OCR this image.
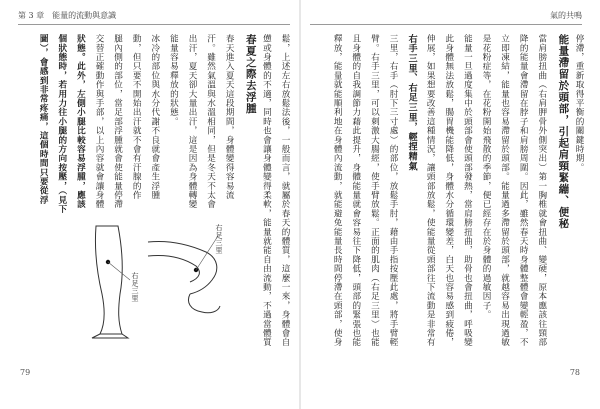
第 3 章　能量的流動與意識	氣的共鳴
79	78
停滯，重新取得平衡的關鍵時期。
能量滯留於頭部，引起肩頸緊繃、便秘
當肩膀扭曲（右肩胛骨外側突出）第一胸椎就會扭曲、變硬，原本應該往頸部
降的能量會滯留在脖子和肩膀周圍。因此，雖然春天時身體整體會變輕盈，不
立即凍結，能量也容易滯留於頭部。能量過多滯留於頭部，就越容易出現過敏
是花粉症等，在花粉開始飛散的季節，便已經存在於身體的過敏因子。
能量一旦過度集中於頭部會使頭部發熱，當肩膀扭曲，助骨也會扭曲，呼吸變
此身體無法放鬆，腸胃機能降低，身體水分循環變差，白天也容易感到疲倦，
伸展，如果想要改善這種情況，讓頭部放鬆，使能量從頭部往下流動是非常有
右手三里、右足三里，輕捏精氣
三里，右手（肘下三寸處）的部位，放鬆手肘，藉由手指按壓此處，將手臂輕
臂。右手三里，可以刺激大腸經，使手臂放鬆。正面的肌肉（右足三里）也能
且身體的自我調節力藉此提升，身體能量就會容易往下降低，頭部的緊張也能
釋放，能量就能順利地在身體內流動，就能避免能量長時間停滯在頭部，使身
鬆，上述左右放鬆法後，一般而言，就屬於春天的體質，這麼一來，身體會自
憊或身體的不適，同時也會讓身體變得柔軟，能量就能自由流動，不過當體質
春夏之際去浮腫
春天進入夏天這段期間，身體變得容易流
汗。雖然氣溫與水溫相同，但是冬天不太會
出汗，夏天卻大量出汗，這是因為身體轉變
能量容易釋放的狀態。
冰冷的部位與水分代謝不良就會產生浮腫
動，但只要不開始出汗就不會有汗腺的作
腿內側的部位，當足部浮腫就會使能量停滯
交替正確動作與手部，以上內容就會讓身體
狀態。此外，左側小腿比較容易浮腫，應該
個狀態時，若用力往小腿的方向按壓，（見下
圖），會感到非常疼痛，這個時間只要從浮
右足三里
右足三里
